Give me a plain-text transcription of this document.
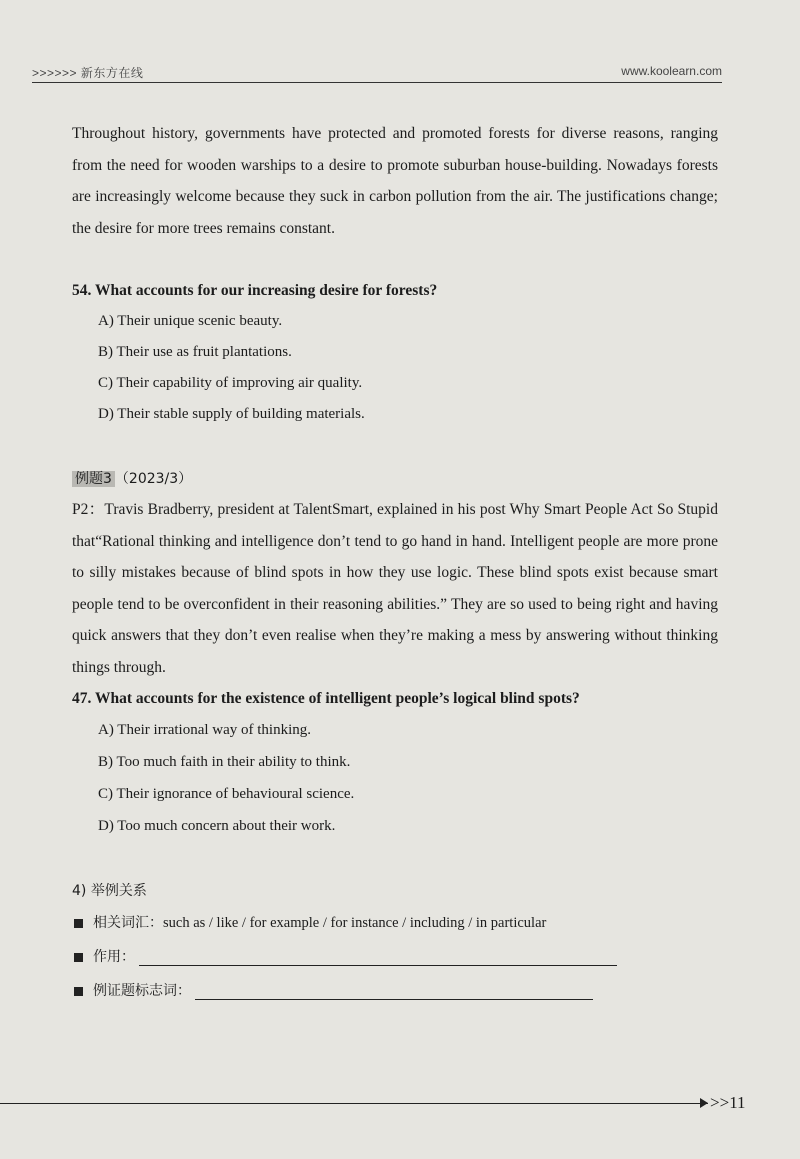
>>>>>> 新东方在线	www.koolearn.com

Throughout history, governments have protected and promoted forests for diverse reasons, ranging from the need for wooden warships to a desire to promote suburban house-building. Nowadays forests are increasingly welcome because they suck in carbon pollution from the air. The justifications change; the desire for more trees remains constant.

54. What accounts for our increasing desire for forests?

A) Their unique scenic beauty.

B) Their use as fruit plantations.

C) Their capability of improving air quality.

D) Their stable supply of building materials.

例题3 （2023/3）

P2：Travis Bradberry, president at TalentSmart, explained in his post Why Smart People Act So Stupid that“Rational thinking and intelligence don’t tend to go hand in hand. Intelligent people are more prone to silly mistakes because of blind spots in how they use logic. These blind spots exist because smart people tend to be overconfident in their reasoning abilities.” They are so used to being right and having quick answers that they don’t even realise when they’re making a mess by answering without thinking things through.

47. What accounts for the existence of intelligent people’s logical blind spots?

A) Their irrational way of thinking.

B) Too much faith in their ability to think.

C) Their ignorance of behavioural science.

D) Too much concern about their work.

4) 举例关系
相关词汇： such as / like / for example / for instance / including / in particular
作用：
例证题标志词：
>>11
